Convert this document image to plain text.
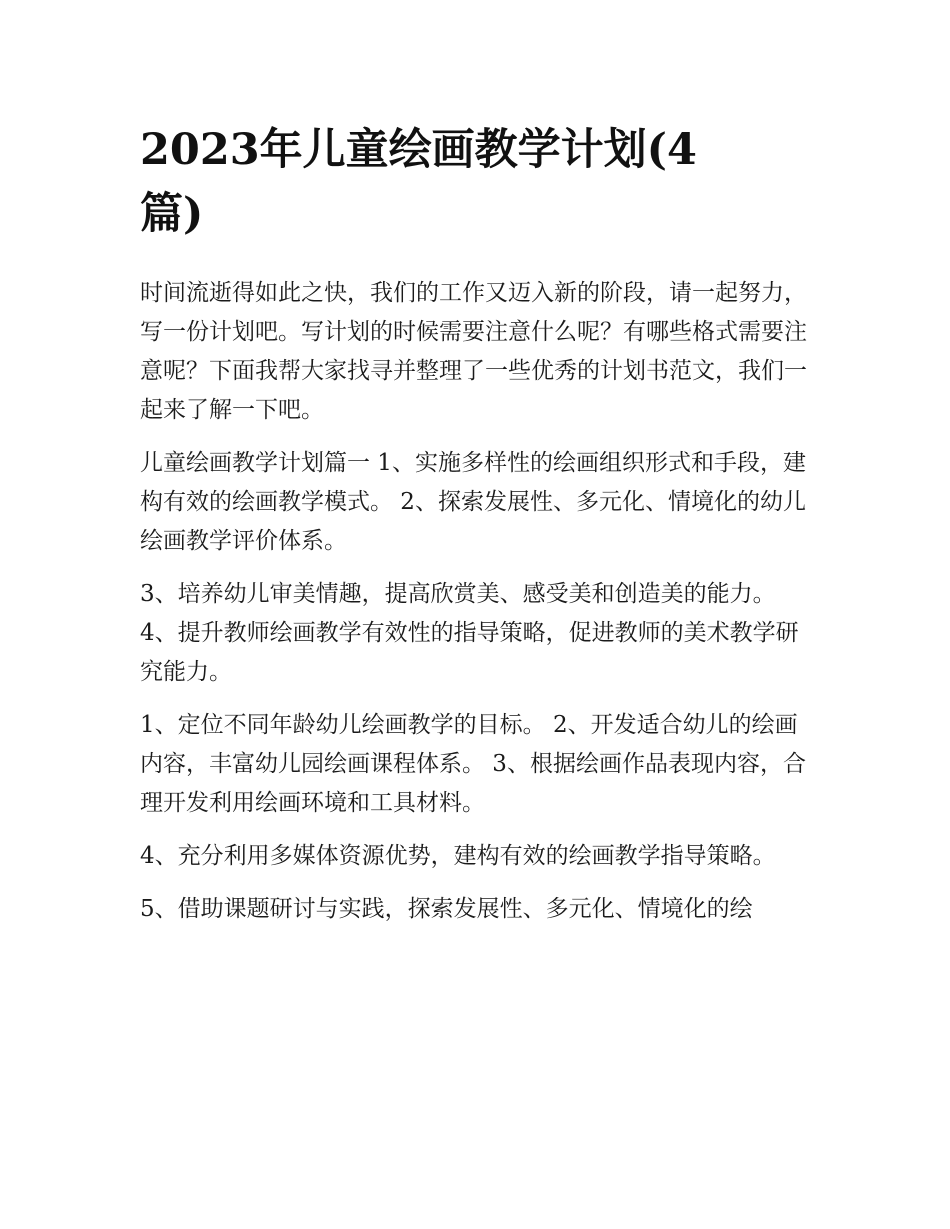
2023年儿童绘画教学计划(4篇)

时间流逝得如此之快，我们的工作又迈入新的阶段，请一起努力，写一份计划吧。写计划的时候需要注意什么呢？有哪些格式需要注意呢？下面我帮大家找寻并整理了一些优秀的计划书范文，我们一起来了解一下吧。

儿童绘画教学计划篇一 1、实施多样性的绘画组织形式和手段，建构有效的绘画教学模式。 2、探索发展性、多元化、情境化的幼儿绘画教学评价体系。

3、培养幼儿审美情趣，提高欣赏美、感受美和创造美的能力。 4、提升教师绘画教学有效性的指导策略，促进教师的美术教学研究能力。

1、定位不同年龄幼儿绘画教学的目标。 2、开发适合幼儿的绘画内容，丰富幼儿园绘画课程体系。 3、根据绘画作品表现内容，合理开发利用绘画环境和工具材料。

4、充分利用多媒体资源优势，建构有效的绘画教学指导策略。

5、借助课题研讨与实践，探索发展性、多元化、情境化的绘
